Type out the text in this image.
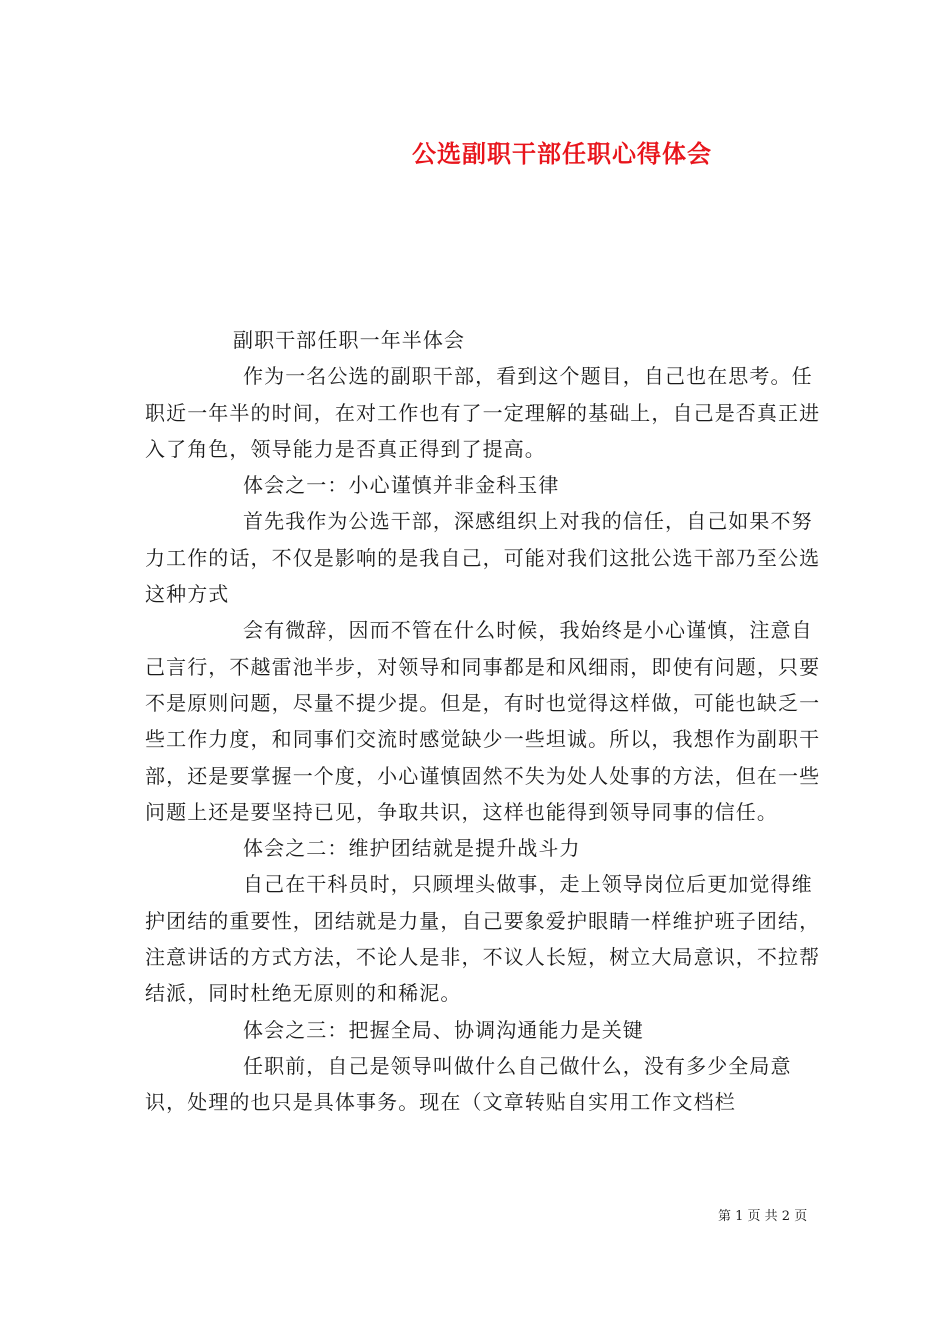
公选副职干部任职心得体会
副职干部任职一年半体会

作为一名公选的副职干部，看到这个题目，自己也在思考。任职近一年半的时间，在对工作也有了一定理解的基础上，自己是否真正进入了角色，领导能力是否真正得到了提高。

体会之一：小心谨慎并非金科玉律

首先我作为公选干部，深感组织上对我的信任，自己如果不努力工作的话，不仅是影响的是我自己，可能对我们这批公选干部乃至公选这种方式

会有微辞，因而不管在什么时候，我始终是小心谨慎，注意自己言行，不越雷池半步，对领导和同事都是和风细雨，即使有问题，只要不是原则问题，尽量不提少提。但是，有时也觉得这样做，可能也缺乏一些工作力度，和同事们交流时感觉缺少一些坦诚。所以，我想作为副职干部，还是要掌握一个度，小心谨慎固然不失为处人处事的方法，但在一些问题上还是要坚持已见，争取共识，这样也能得到领导同事的信任。

体会之二：维护团结就是提升战斗力

自己在干科员时，只顾埋头做事，走上领导岗位后更加觉得维护团结的重要性，团结就是力量，自己要象爱护眼睛一样维护班子团结，注意讲话的方式方法，不论人是非，不议人长短，树立大局意识，不拉帮结派，同时杜绝无原则的和稀泥。

体会之三：把握全局、协调沟通能力是关键

任职前，自己是领导叫做什么自己做什么，没有多少全局意识，处理的也只是具体事务。现在（文章转贴自实用工作文档栏

第 1 页 共 2 页
